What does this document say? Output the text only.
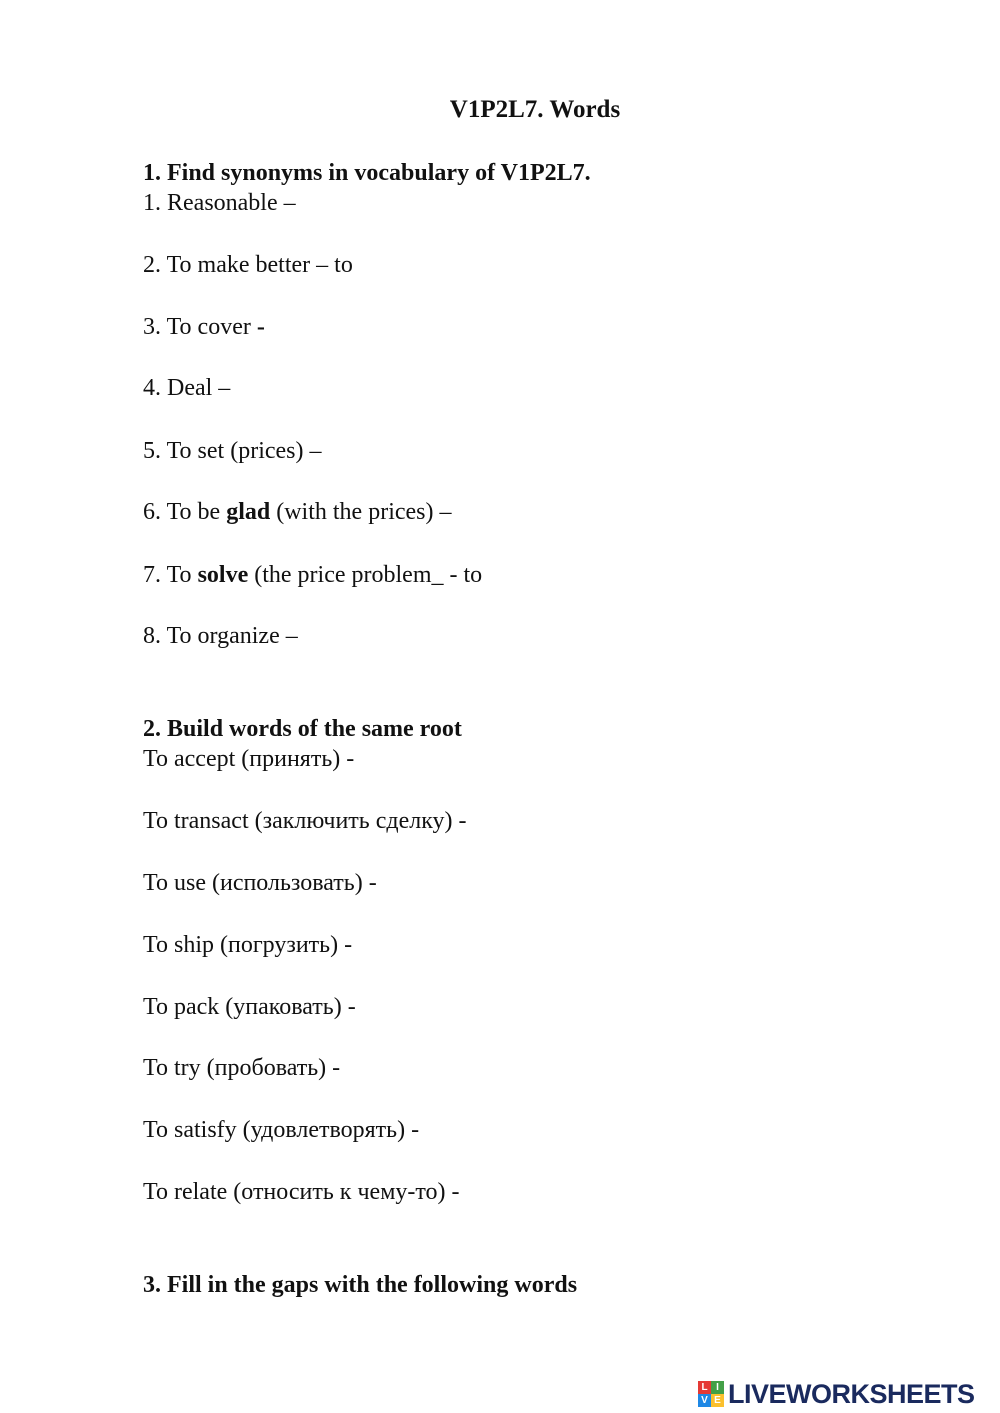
V1P2L7. Words
1. Find synonyms in vocabulary of V1P2L7.
1. Reasonable –
2. To make better – to
3. To cover -
4. Deal –
5. To set (prices) –
6. To be glad (with the prices) –
7. To solve (the price problem_ - to
8. To organize –
2. Build words of the same root
To accept (принять) -
To transact (заключить сделку) -
To use (использовать) -
To ship (погрузить) -
To pack (упаковать) -
To try (пробовать) -
To satisfy (удовлетворять) -
To relate (относить к чему-то) -
3. Fill in the gaps with the following words
L I
V E LIVEWORKSHEETS
